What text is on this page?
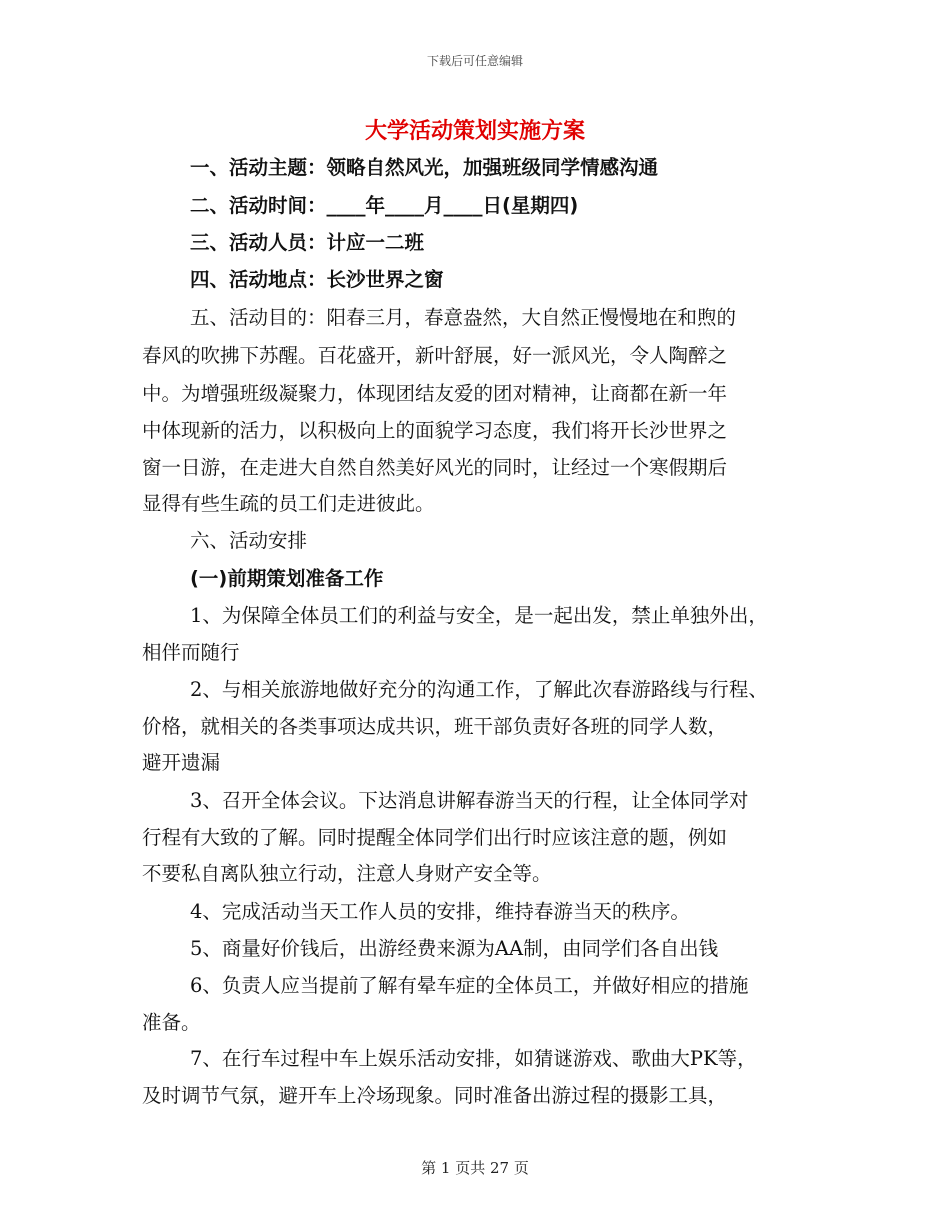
下载后可任意编辑
大学活动策划实施方案
一、活动主题：领略自然风光，加强班级同学情感沟通
二、活动时间：____年____月____日(星期四)
三、活动人员：计应一二班
四、活动地点：长沙世界之窗
五、活动目的：阳春三月，春意盎然，大自然正慢慢地在和煦的
春风的吹拂下苏醒。百花盛开，新叶舒展，好一派风光，令人陶醉之
中。为增强班级凝聚力，体现团结友爱的团对精神，让商都在新一年
中体现新的活力，以积极向上的面貌学习态度，我们将开长沙世界之
窗一日游，在走进大自然自然美好风光的同时，让经过一个寒假期后
显得有些生疏的员工们走进彼此。
六、活动安排
(一)前期策划准备工作
1、为保障全体员工们的利益与安全，是一起出发，禁止单独外出，
相伴而随行
2、与相关旅游地做好充分的沟通工作，了解此次春游路线与行程、
价格，就相关的各类事项达成共识，班干部负责好各班的同学人数，
避开遗漏
3、召开全体会议。下达消息讲解春游当天的行程，让全体同学对
行程有大致的了解。同时提醒全体同学们出行时应该注意的题，例如
不要私自离队独立行动，注意人身财产安全等。
4、完成活动当天工作人员的安排，维持春游当天的秩序。
5、商量好价钱后，出游经费来源为AA制，由同学们各自出钱
6、负责人应当提前了解有晕车症的全体员工，并做好相应的措施
准备。
7、在行车过程中车上娱乐活动安排，如猜谜游戏、歌曲大PK等，
及时调节气氛，避开车上冷场现象。同时准备出游过程的摄影工具，
第 1 页共 27 页
